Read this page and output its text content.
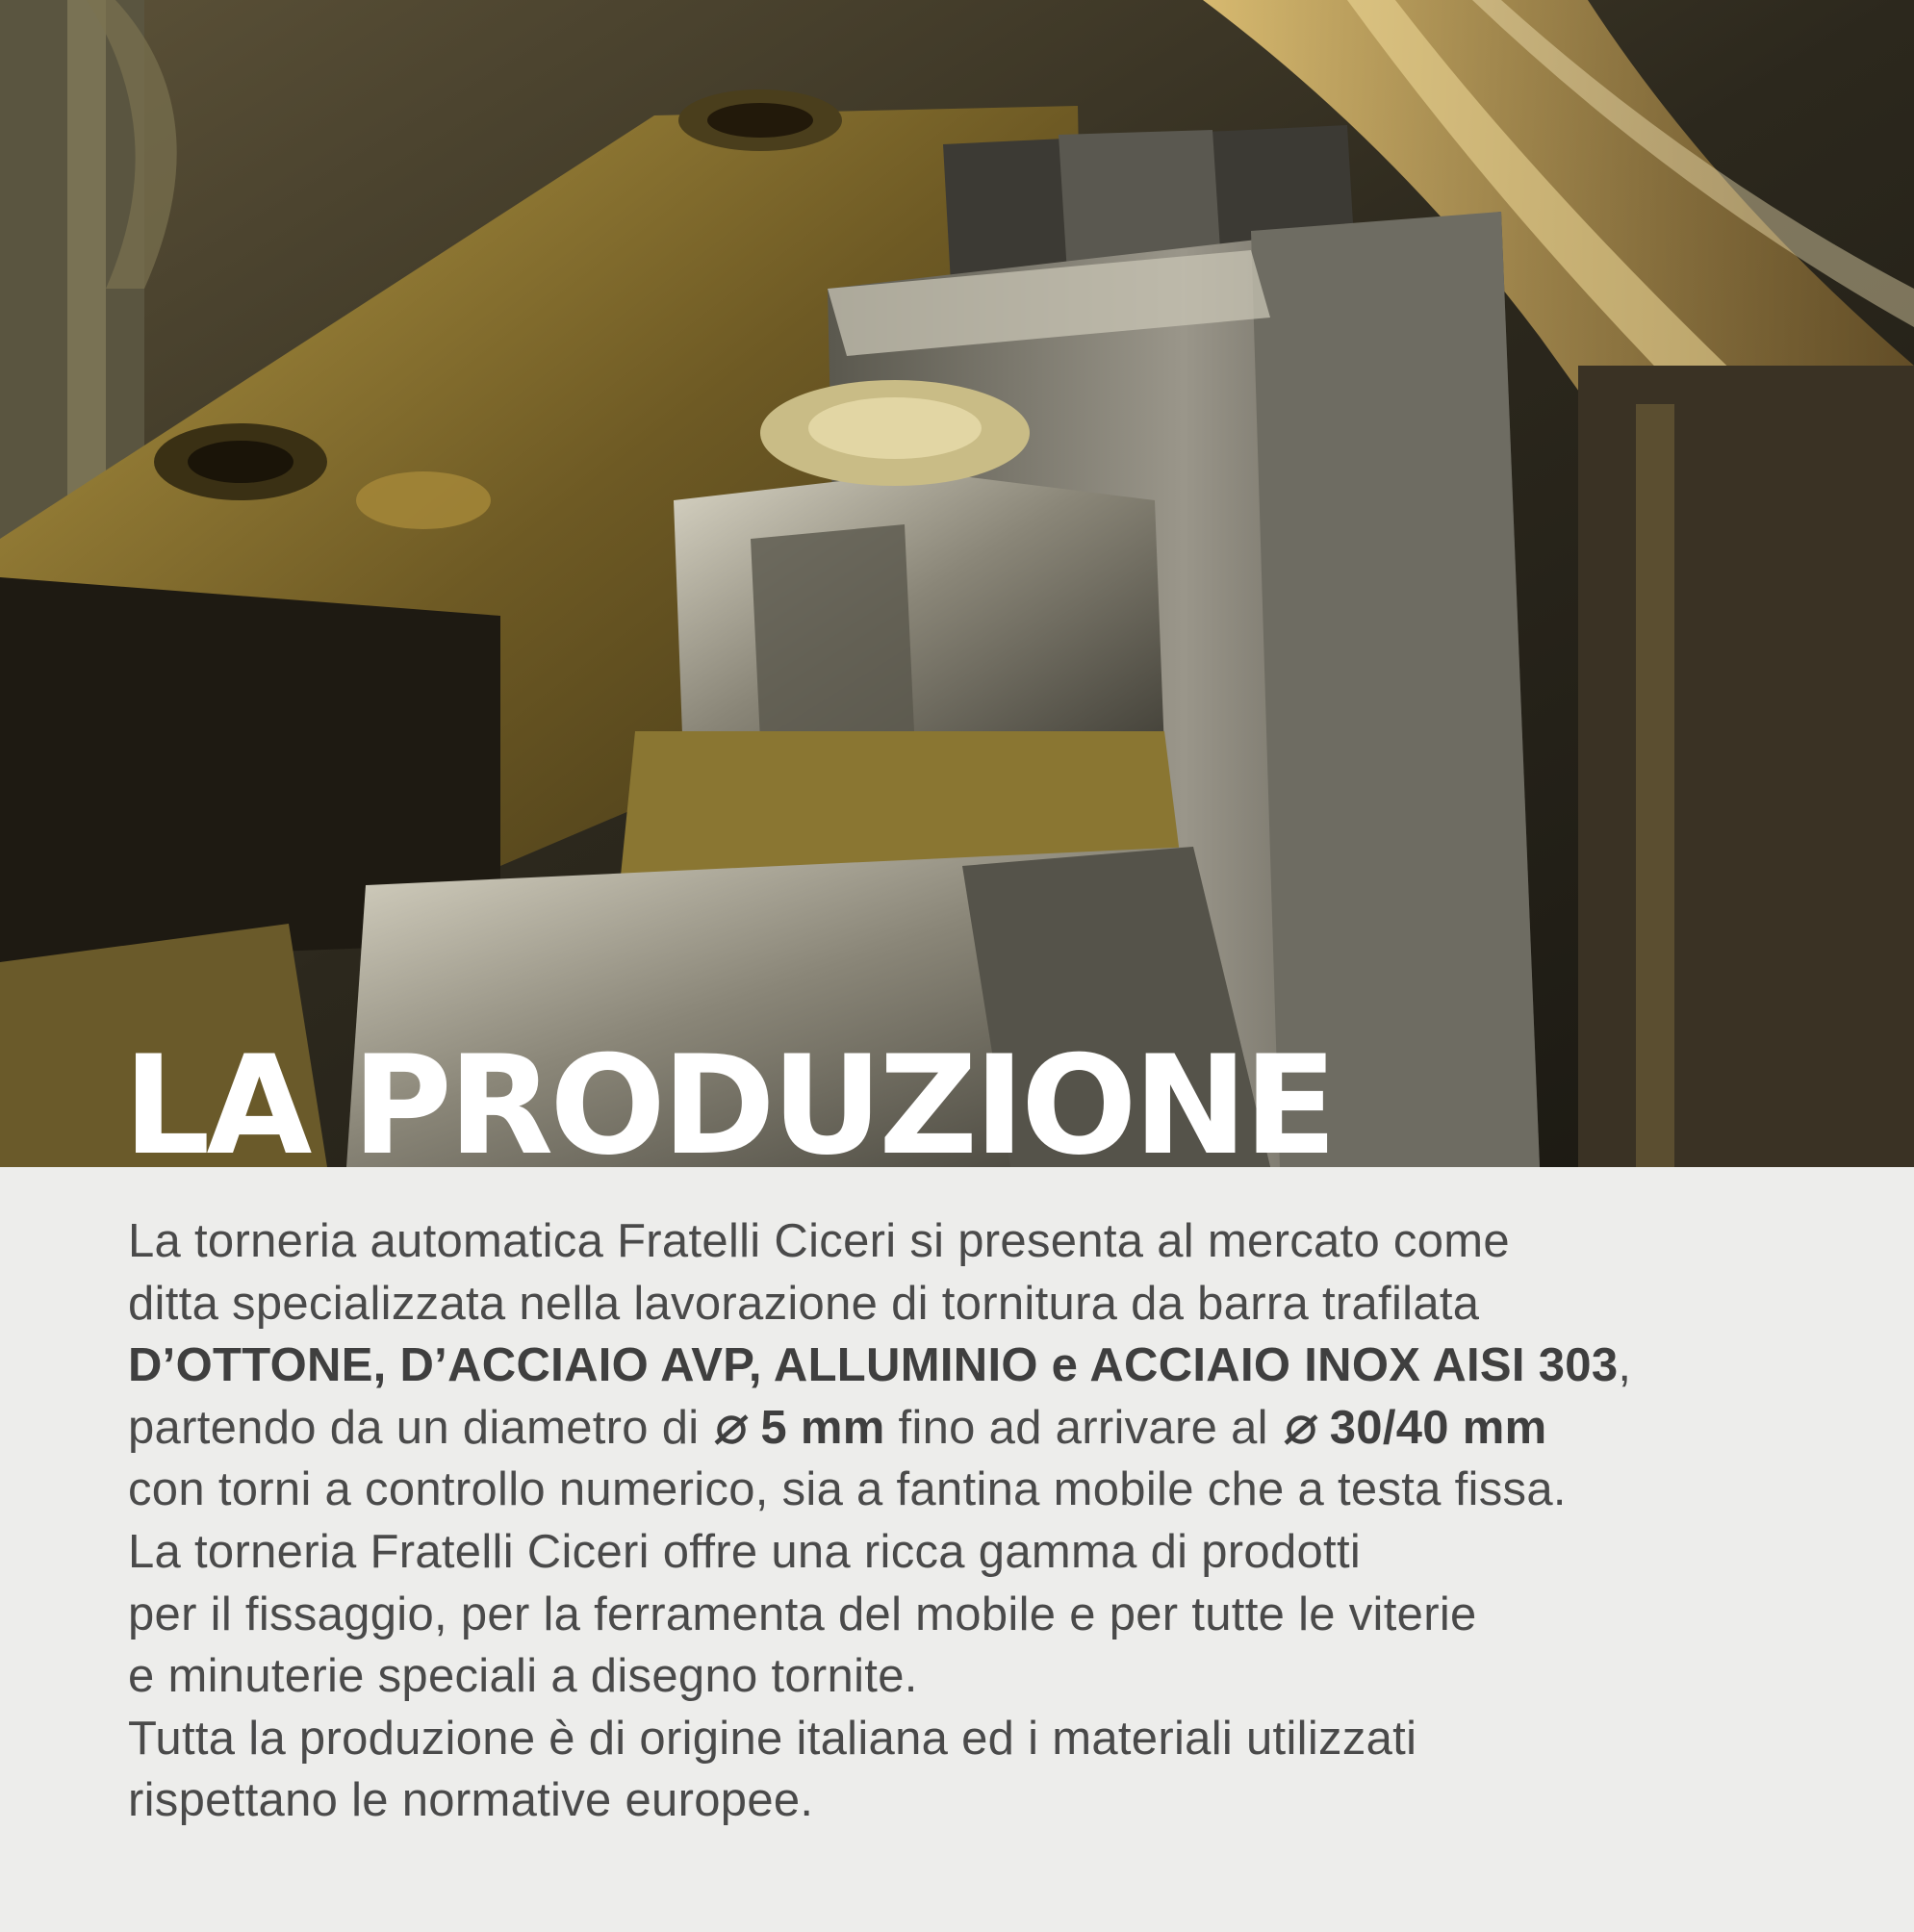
LA PRODUZIONE
La torneria automatica Fratelli Ciceri si presenta al mercato come
ditta specializzata nella lavorazione di tornitura da barra trafilata
D’OTTONE, D’ACCIAIO AVP, ALLUMINIO e ACCIAIO INOX AISI 303,
partendo da un diametro di 5 mm fino ad arrivare al 30/40 mm
con torni a controllo numerico, sia a fantina mobile che a testa fissa.
La torneria Fratelli Ciceri offre una ricca gamma di prodotti
per il fissaggio, per la ferramenta del mobile e per tutte le viterie
e minuterie speciali a disegno tornite.
Tutta la produzione è di origine italiana ed i materiali utilizzati
rispettano le normative europee.
